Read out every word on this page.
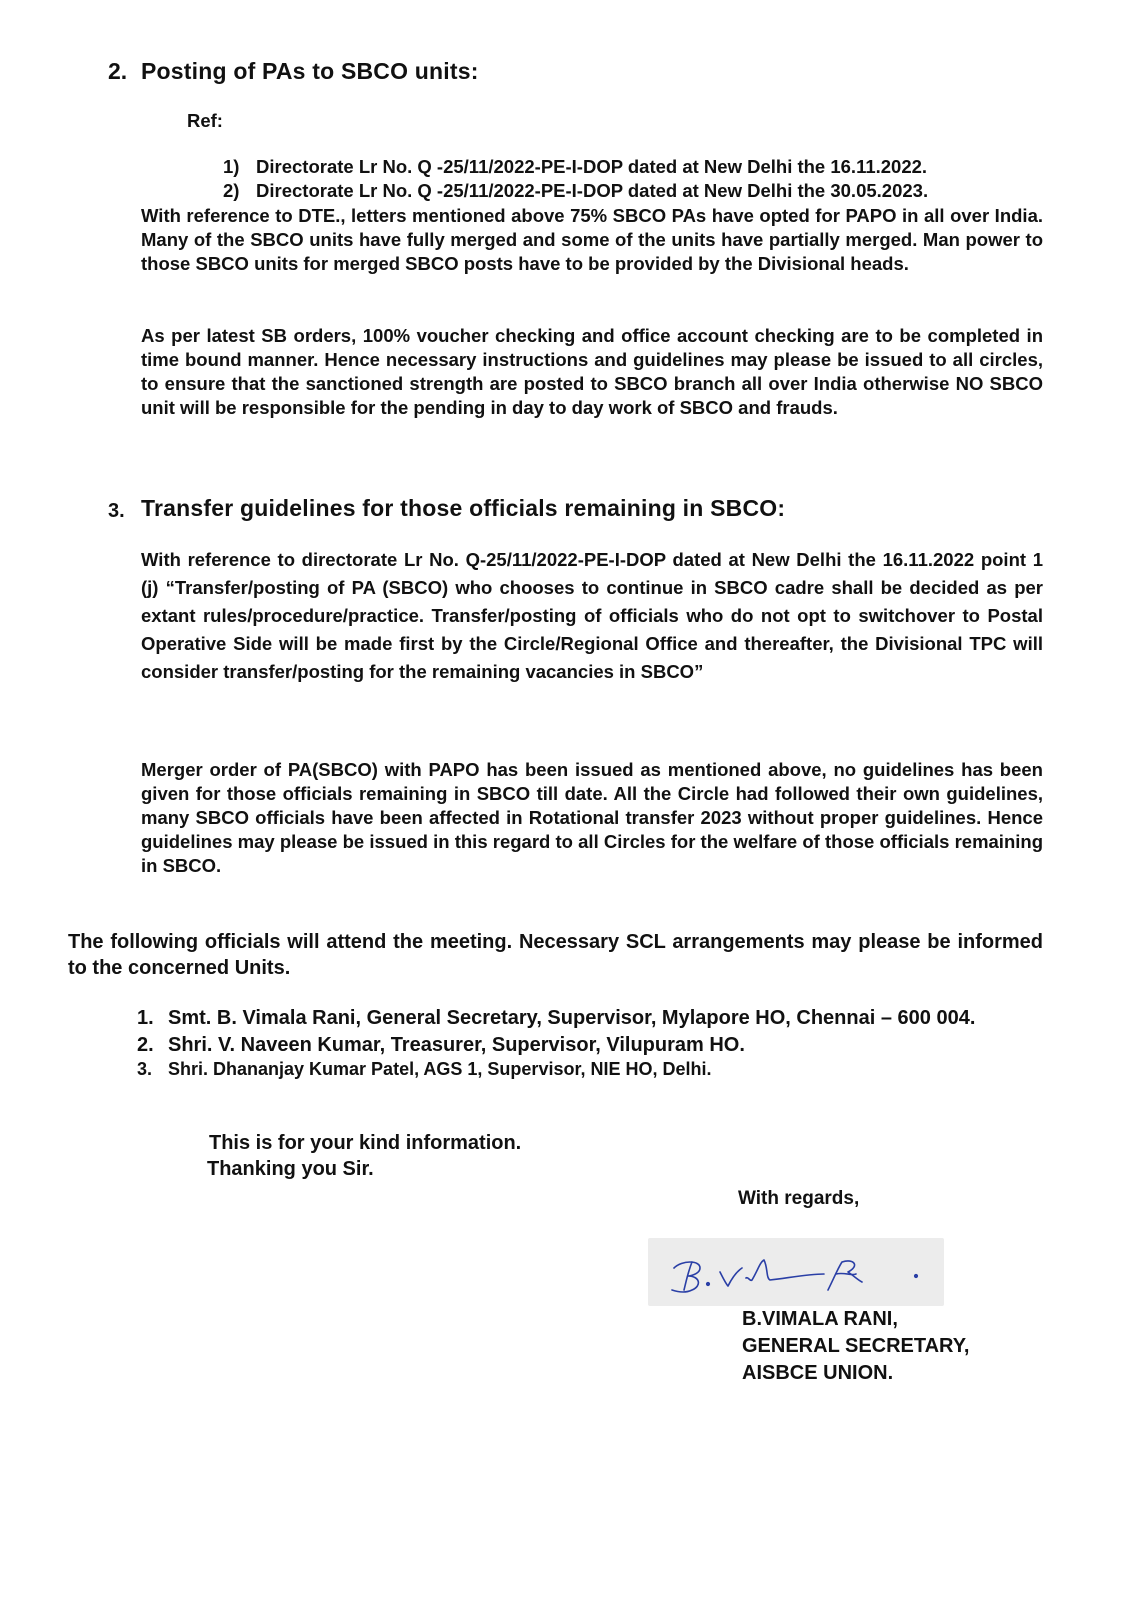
2. Posting of PAs to SBCO units:
Ref:
1) Directorate Lr No. Q -25/11/2022-PE-I-DOP dated at New Delhi the 16.11.2022.
2) Directorate Lr No. Q -25/11/2022-PE-I-DOP dated at New Delhi the 30.05.2023.
With reference to DTE., letters mentioned above 75% SBCO PAs have opted for PAPO in all over India. Many of the SBCO units have fully merged and some of the units have partially merged. Man power to those SBCO units for merged SBCO posts have to be provided by the Divisional heads.
As per latest SB orders, 100% voucher checking and office account checking are to be completed in time bound manner. Hence necessary instructions and guidelines may please be issued to all circles, to ensure that the sanctioned strength are posted to SBCO branch all over India otherwise NO SBCO unit will be responsible for the pending in day to day work of SBCO and frauds.
3. Transfer guidelines for those officials remaining in SBCO:
With reference to directorate Lr No. Q-25/11/2022-PE-I-DOP dated at New Delhi the 16.11.2022 point 1 (j) “Transfer/posting of PA (SBCO) who chooses to continue in SBCO cadre shall be decided as per extant rules/procedure/practice. Transfer/posting of officials who do not opt to switchover to Postal Operative Side will be made first by the Circle/Regional Office and thereafter, the Divisional TPC will consider transfer/posting for the remaining vacancies in SBCO”
Merger order of PA(SBCO) with PAPO has been issued as mentioned above, no guidelines has been given for those officials remaining in SBCO till date. All the Circle had followed their own guidelines, many SBCO officials have been affected in Rotational transfer 2023 without proper guidelines. Hence guidelines may please be issued in this regard to all Circles for the welfare of those officials remaining in SBCO.
The following officials will attend the meeting. Necessary SCL arrangements may please be informed to the concerned Units.
1. Smt. B. Vimala Rani, General Secretary, Supervisor, Mylapore HO, Chennai – 600 004.
2. Shri. V. Naveen Kumar, Treasurer, Supervisor, Vilupuram HO.
3. Shri. Dhananjay Kumar Patel, AGS 1, Supervisor, NIE HO, Delhi.
This is for your kind information.
Thanking you Sir.
With regards,
B.VIMALA RANI,
GENERAL SECRETARY,
AISBCE UNION.
